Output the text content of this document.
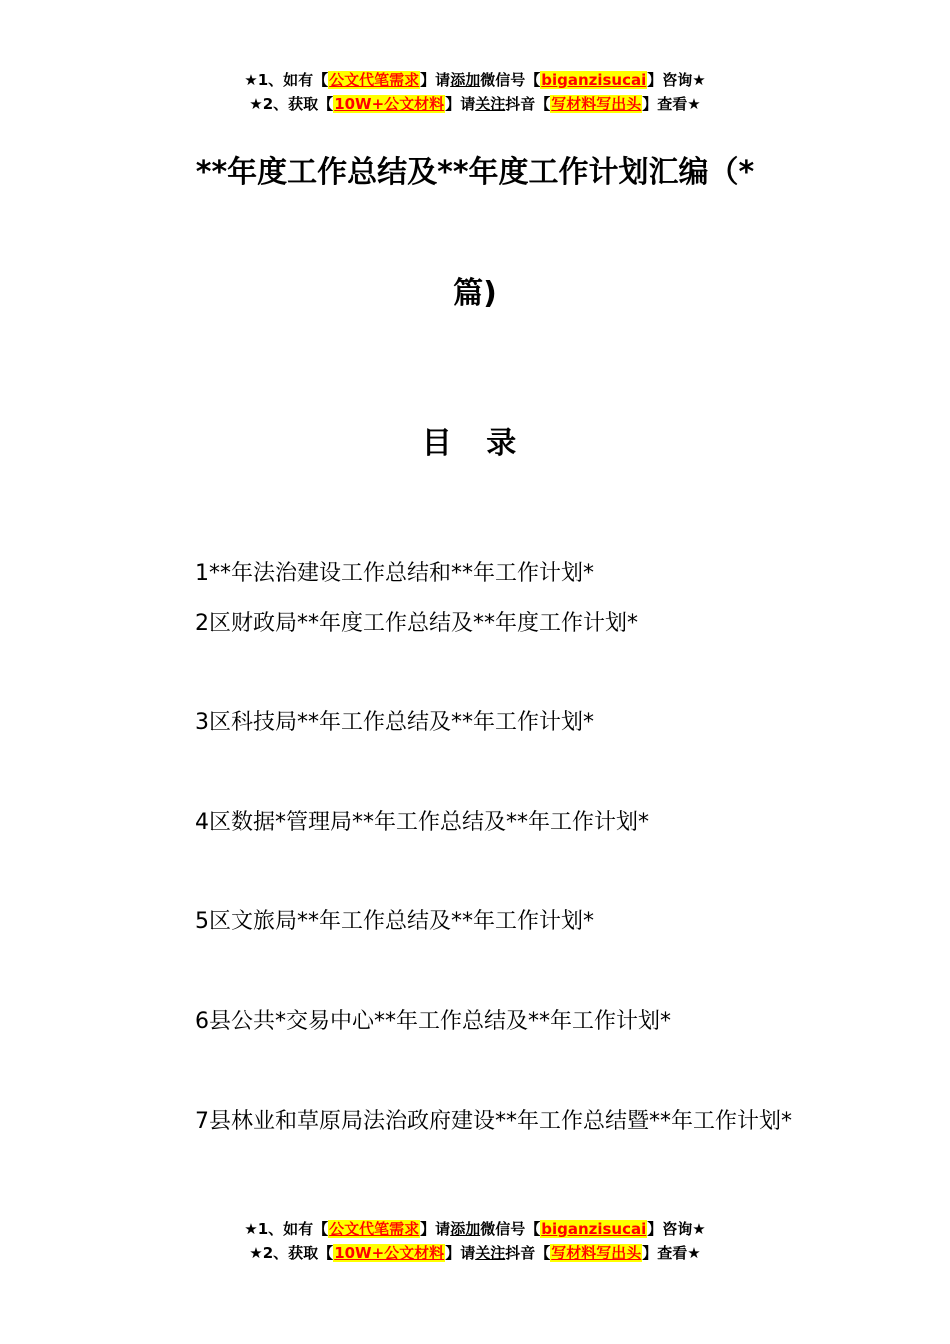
★1、如有【公文代笔需求】请添加微信号【biganzisucai】咨询★
★2、获取【10W+公文材料】请关注抖音【写材料写出头】查看★
**年度工作总结及**年度工作计划汇编（*
篇)
目 录
1**年法治建设工作总结和**年工作计划*
2区财政局**年度工作总结及**年度工作计划*
3区科技局**年工作总结及**年工作计划*
4区数据*管理局**年工作总结及**年工作计划*
5区文旅局**年工作总结及**年工作计划*
6县公共*交易中心**年工作总结及**年工作计划*
7县林业和草原局法治政府建设**年工作总结暨**年工作计划*
★1、如有【公文代笔需求】请添加微信号【biganzisucai】咨询★
★2、获取【10W+公文材料】请关注抖音【写材料写出头】查看★
